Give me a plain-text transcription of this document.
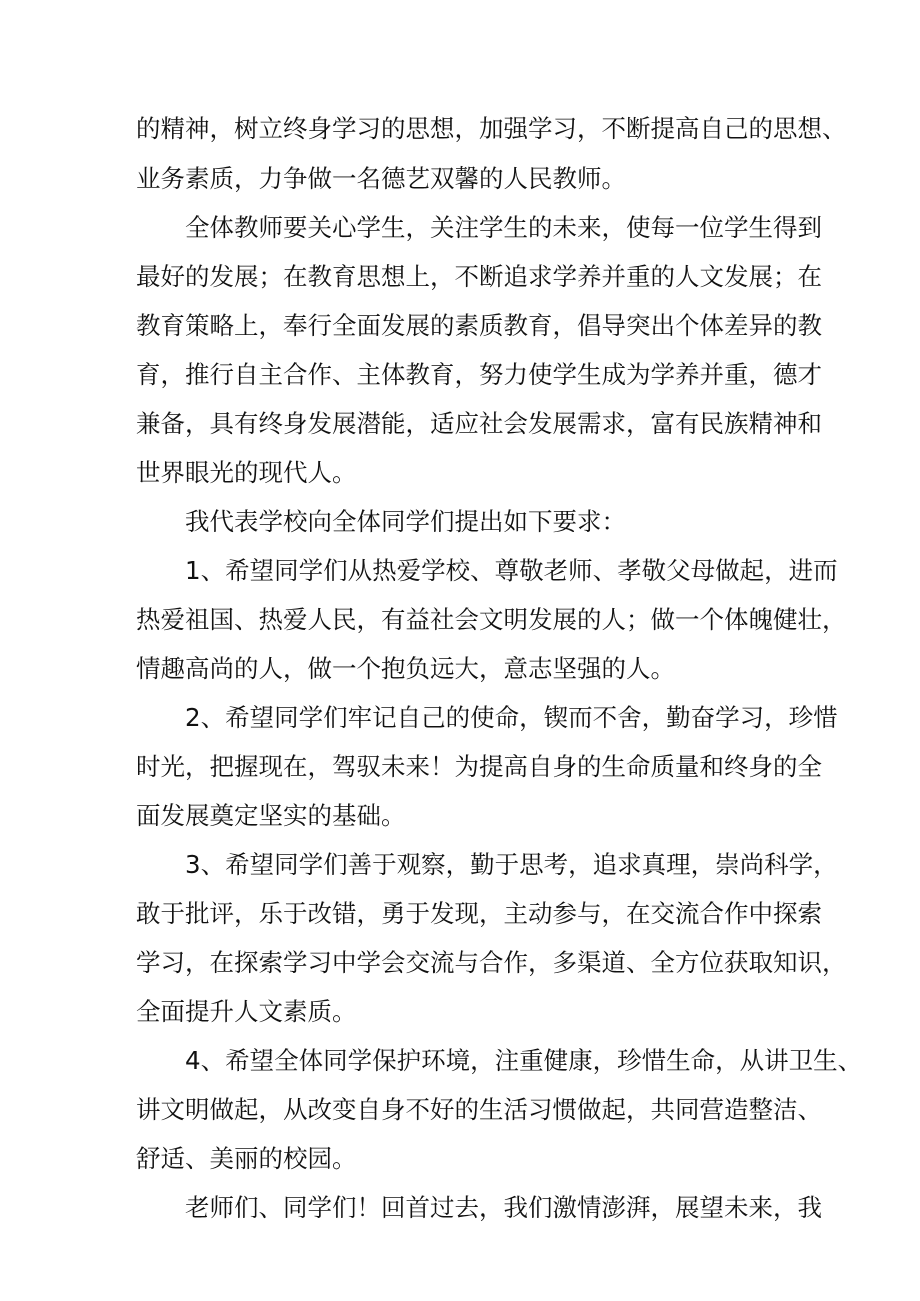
的精神，树立终身学习的思想，加强学习，不断提高自己的思想、
业务素质，力争做一名德艺双馨的人民教师。
全体教师要关心学生，关注学生的未来，使每一位学生得到
最好的发展；在教育思想上，不断追求学养并重的人文发展；在
教育策略上，奉行全面发展的素质教育，倡导突出个体差异的教
育，推行自主合作、主体教育，努力使学生成为学养并重，德才
兼备，具有终身发展潜能，适应社会发展需求，富有民族精神和
世界眼光的现代人。
我代表学校向全体同学们提出如下要求：
1、希望同学们从热爱学校、尊敬老师、孝敬父母做起，进而
热爱祖国、热爱人民，有益社会文明发展的人；做一个体魄健壮，
情趣高尚的人，做一个抱负远大，意志坚强的人。
2、希望同学们牢记自己的使命，锲而不舍，勤奋学习，珍惜
时光，把握现在，驾驭未来！为提高自身的生命质量和终身的全
面发展奠定坚实的基础。
3、希望同学们善于观察，勤于思考，追求真理，崇尚科学，
敢于批评，乐于改错，勇于发现，主动参与，在交流合作中探索
学习，在探索学习中学会交流与合作，多渠道、全方位获取知识，
全面提升人文素质。
4、希望全体同学保护环境，注重健康，珍惜生命，从讲卫生、
讲文明做起，从改变自身不好的生活习惯做起，共同营造整洁、
舒适、美丽的校园。
老师们、同学们！回首过去，我们激情澎湃，展望未来，我
